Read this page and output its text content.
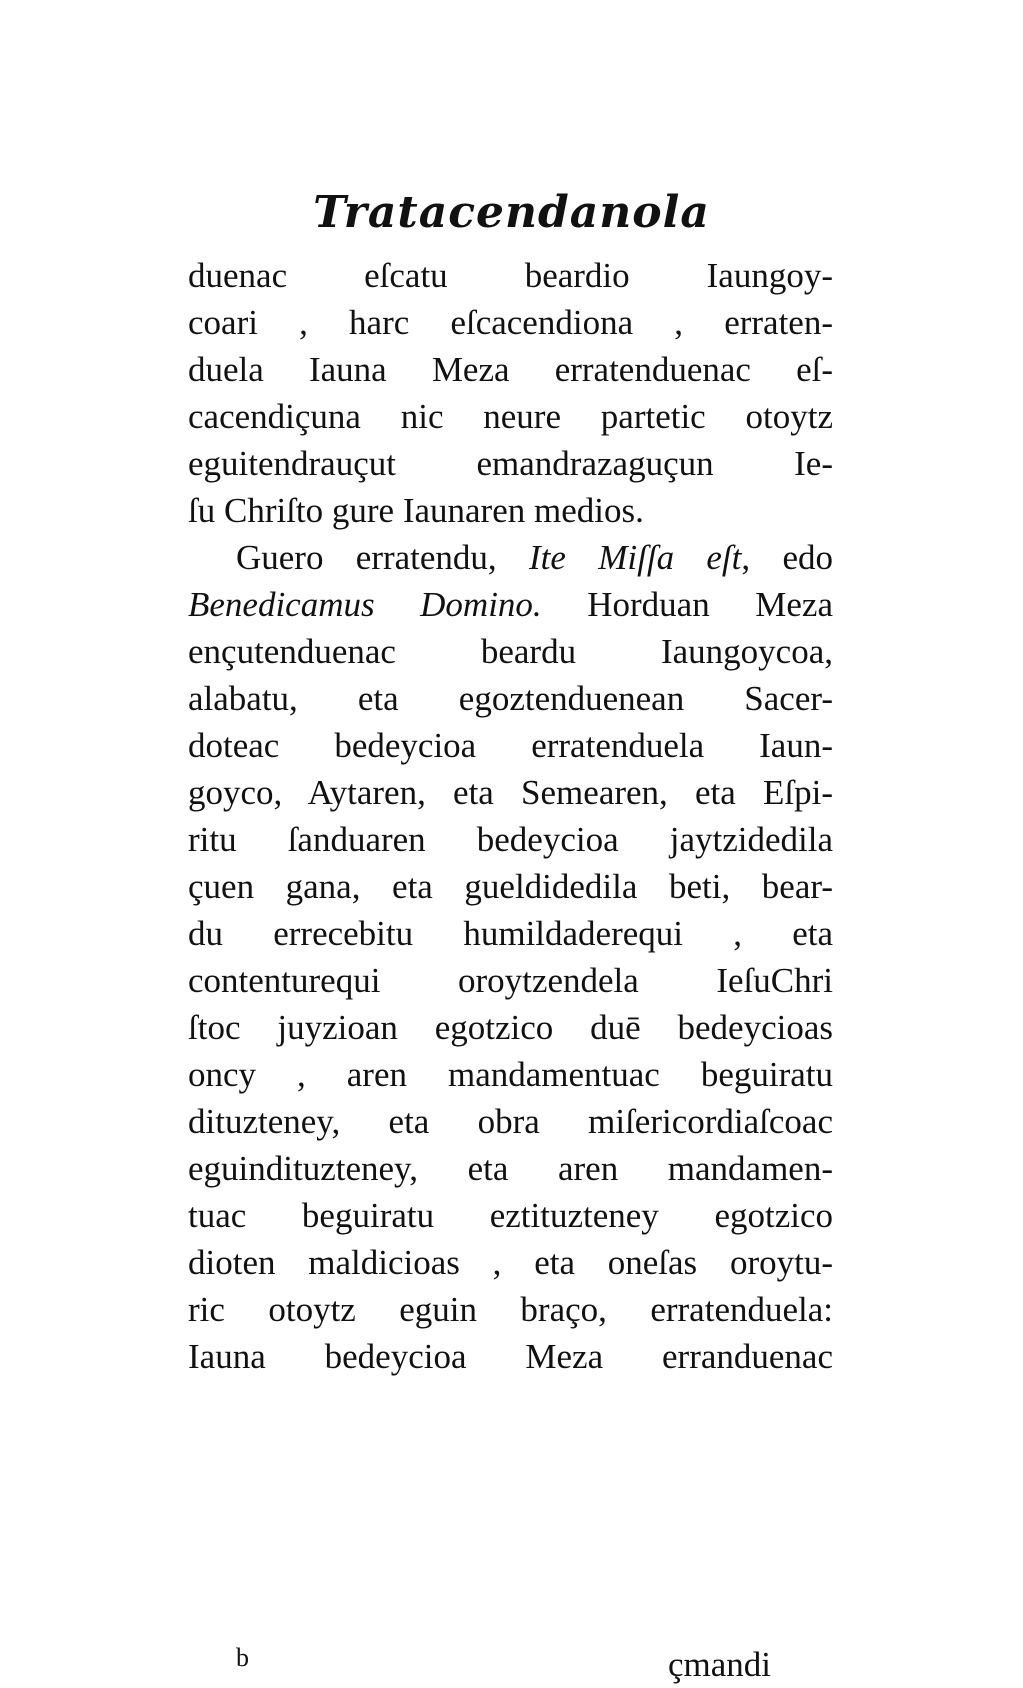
Tratacendanola
duenac eſcatu beardio Iaungoy-
coari , harc eſcacendiona , erraten-
duela Iauna Meza erratenduenac eſ-
cacendiçuna nic neure partetic otoytz
eguitendrauçut emandrazaguçun Ie-
ſu Chriſto gure Iaunaren medios.
Guero erratendu, Ite Miſſa eſt, edo
Benedicamus Domino. Horduan Meza
ençutenduenac beardu Iaungoycoa,
alabatu, eta egoztenduenean Sacer-
doteac bedeycioa erratenduela Iaun-
goyco, Aytaren, eta Semearen, eta Eſpi-
ritu ſanduaren bedeycioa jaytzidedila
çuen gana, eta gueldidedila beti, bear-
du errecebitu humildaderequi , eta
contenturequi oroytzendela IeſuChri
ſtoc juyzioan egotzico duē bedeycioas
oncy , aren mandamentuac beguiratu
dituzteney, eta obra miſericordiaſcoac
eguindituzteney, eta aren mandamen-
tuac beguiratu eztituzteney egotzico
dioten maldicioas , eta oneſas oroytu-
ric otoytz eguin braço, erratenduela:
Iauna bedeycioa Meza erranduenac
b	çmandi
